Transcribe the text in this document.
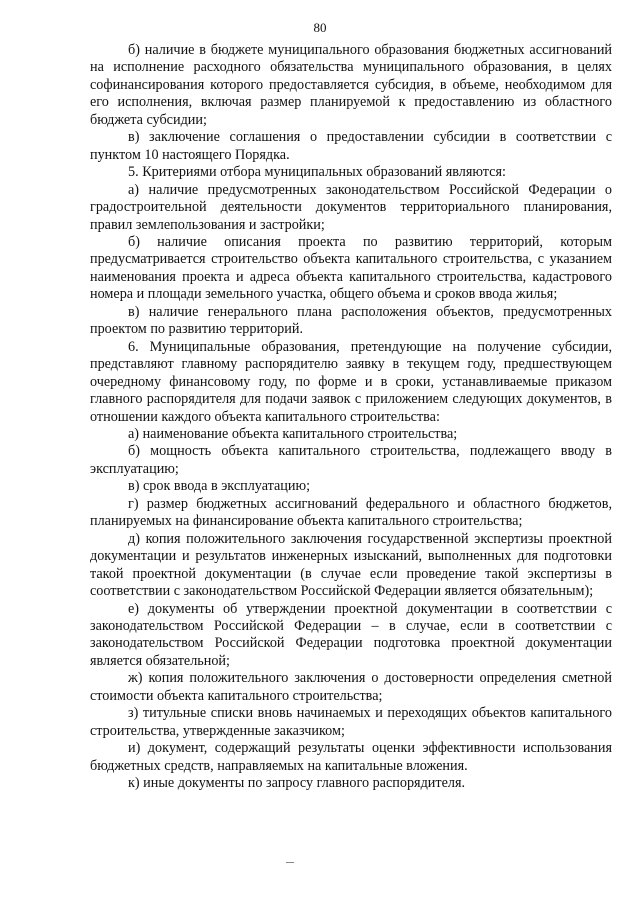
80

б) наличие в бюджете муниципального образования бюджетных ассигнований на исполнение расходного обязательства муниципального образования, в целях софинансирования которого предоставляется субсидия, в объеме, необходимом для его исполнения, включая размер планируемой к предоставлению из областного бюджета субсидии;

в) заключение соглашения о предоставлении субсидии в соответствии с пунктом 10 настоящего Порядка.

5. Критериями отбора муниципальных образований являются:

а) наличие предусмотренных законодательством Российской Федерации о градостроительной деятельности документов территориального планирования, правил землепользования и застройки;

б) наличие описания проекта по развитию территорий, которым предусматривается строительство объекта капитального строительства, с указанием наименования проекта и адреса объекта капитального строительства, кадастрового номера и площади земельного участка, общего объема и сроков ввода жилья;

в) наличие генерального плана расположения объектов, предусмотренных проектом по развитию территорий.

6. Муниципальные образования, претендующие на получение субсидии, представляют главному распорядителю заявку в текущем году, предшествующем очередному финансовому году, по форме и в сроки, устанавливаемые приказом главного распорядителя для подачи заявок с приложением следующих документов, в отношении каждого объекта капитального строительства:

а) наименование объекта капитального строительства;

б) мощность объекта капитального строительства, подлежащего вводу в эксплуатацию;

в) срок ввода в эксплуатацию;

г) размер бюджетных ассигнований федерального и областного бюджетов, планируемых на финансирование объекта капитального строительства;

д) копия положительного заключения государственной экспертизы проектной документации и результатов инженерных изысканий, выполненных для подготовки такой проектной документации (в случае если проведение такой экспертизы в соответствии с законодательством Российской Федерации является обязательным);

е) документы об утверждении проектной документации в соответствии с законодательством Российской Федерации – в случае, если в соответствии с законодательством Российской Федерации подготовка проектной документации является обязательной;

ж) копия положительного заключения о достоверности определения сметной стоимости объекта капитального строительства;

з) титульные списки вновь начинаемых и переходящих объектов капитального строительства, утвержденные заказчиком;

и) документ, содержащий результаты оценки эффективности использования бюджетных средств, направляемых на капитальные вложения.

к) иные документы по запросу главного распорядителя.
